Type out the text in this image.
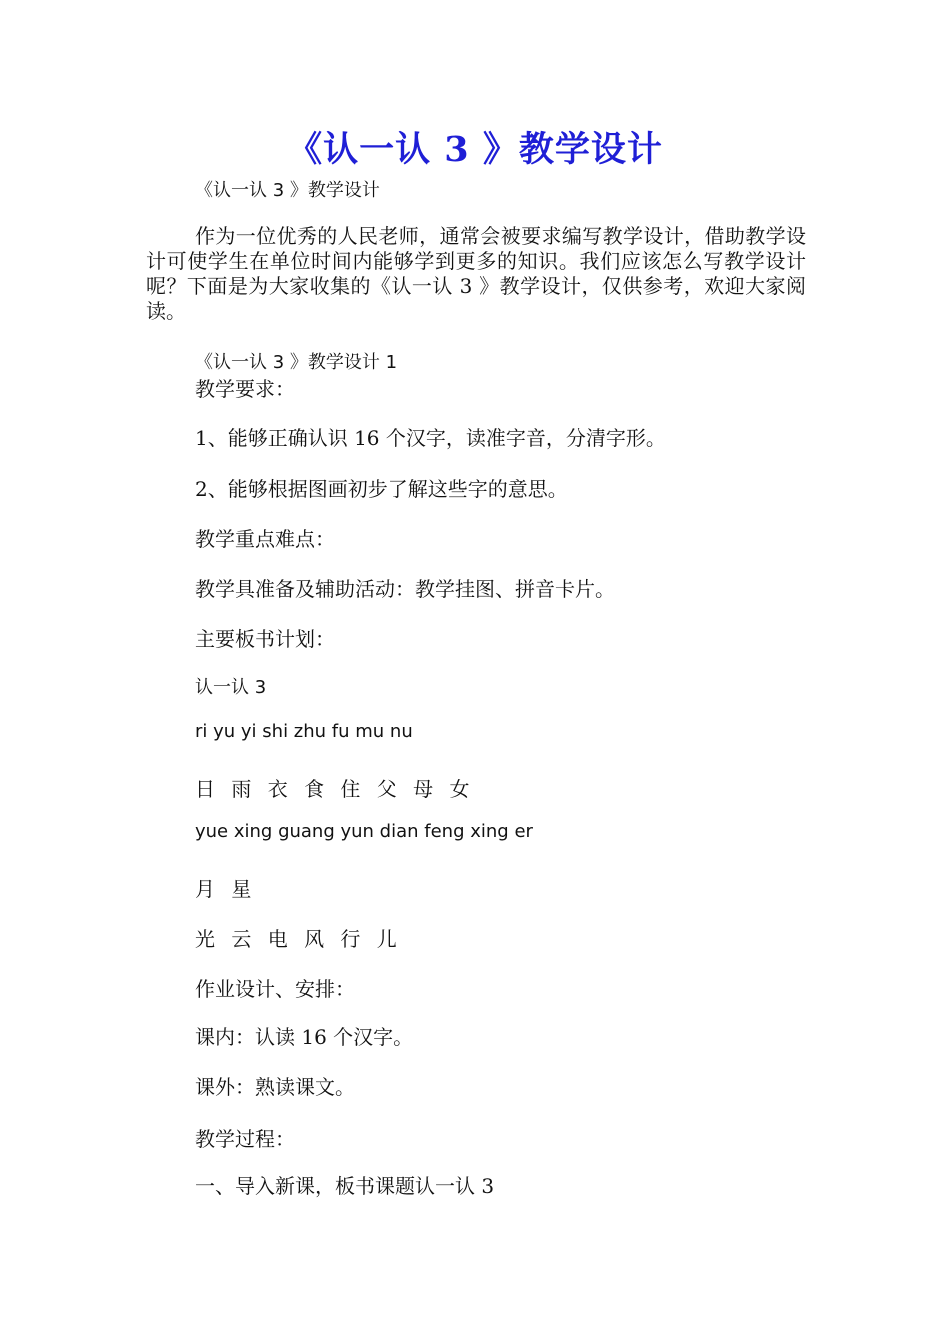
《认一认 3 》教学设计
《认一认 3 》教学设计
作为一位优秀的人民老师，通常会被要求编写教学设计，借助教学设计可使学生在单位时间内能够学到更多的知识。我们应该怎么写教学设计呢？下面是为大家收集的《认一认 3 》教学设计，仅供参考，欢迎大家阅读。
《认一认 3 》教学设计 1
教学要求：
1、能够正确认识 16 个汉字，读准字音，分清字形。
2、能够根据图画初步了解这些字的意思。
教学重点难点：
教学具准备及辅助活动：教学挂图、拼音卡片。
主要板书计划：
认一认 3
ri yu yi shi zhu fu mu nu
日 雨 衣 食 住 父 母 女
yue xing guang yun dian feng xing er
月 星
光 云 电 风 行 儿
作业设计、安排：
课内：认读 16 个汉字。
课外：熟读课文。
教学过程：
一、导入新课，板书课题认一认 3
